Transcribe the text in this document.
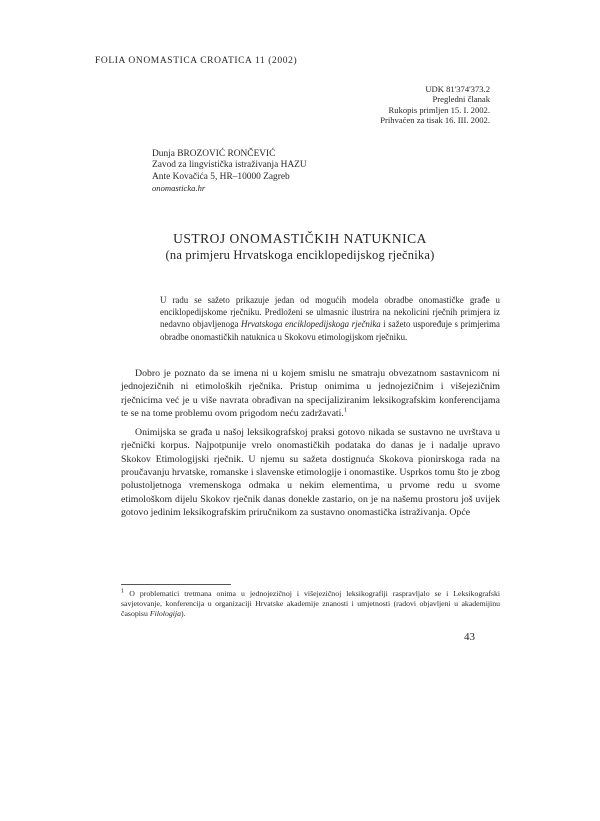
FOLIA ONOMASTICA CROATICA 11 (2002)
UDK 81'374'373.2
Pregledni članak
Rukopis primljen 15. I. 2002.
Prihvaćen za tisak 16. III. 2002.
Dunja BROZOVIĆ RONČEVIĆ
Zavod za lingvistička istraživanja HAZU
Ante Kovačića 5, HR–10000 Zagreb
onomasticka.hr
USTROJ ONOMASTIČKIH NATUKNICA
(na primjeru Hrvatskoga enciklopedijskog rječnika)
U radu se sažeto prikazuje jedan od mogućih modela obradbe onomastičke građe u enciklopedijskome rječniku. Predloženi se ulmasnic ilustrira na nekolicini rječnih primjera iz nedavno objavljenoga Hrvatskoga enciklopedijskoga rječnika i sažeto uspoređuje s primjerima obradbe onomastičkih natuknica u Skokovu etimologijskom rječniku.

Dobro je poznato da se imena ni u kojem smislu ne smatraju obvezatnom sastavnicom ni jednojezičnih ni etimoloških rječnika. Pristup onimima u jednojezičnim i višejezičnim rječnicima već je u više navrata obrađivan na specijaliziranim leksikografskim konferencijama te se na tome problemu ovom prigodom neću zadržavati.$^1$

Onimijska se građa u našoj leksikografskoj praksi gotovo nikada se sustavno ne uvrštava u rječnički korpus. Najpotpunije vrelo onomastičkih podataka do danas je i nadalje upravo Skokov Etimologijski rječnik. U njemu su sažeta dostignuća Skokova pionirskoga rada na proučavanju hrvatske, romanske i slavenske etimologije i onomastike. Usprkos tomu što je zbog polustoljetnoga vremenskoga odmaka u nekim elementima, u prvome redu u svome etimološkom dijelu Skokov rječnik danas donekle zastario, on je na našemu prostoru još uvijek gotovo jedinim leksikografskim priručnikom za sustavno onomastička istraživanja. Opće

$^1$ O problematici tretmana onima u jednojezičnoj i višejezičnoj leksikografiji raspravljalo se i Leksikografski savjetovanje, konferencija u organizaciji Hrvatske akademije znanosti i umjetnosti (radovi objavljeni u akademijinu časopisu Filologija).
43
